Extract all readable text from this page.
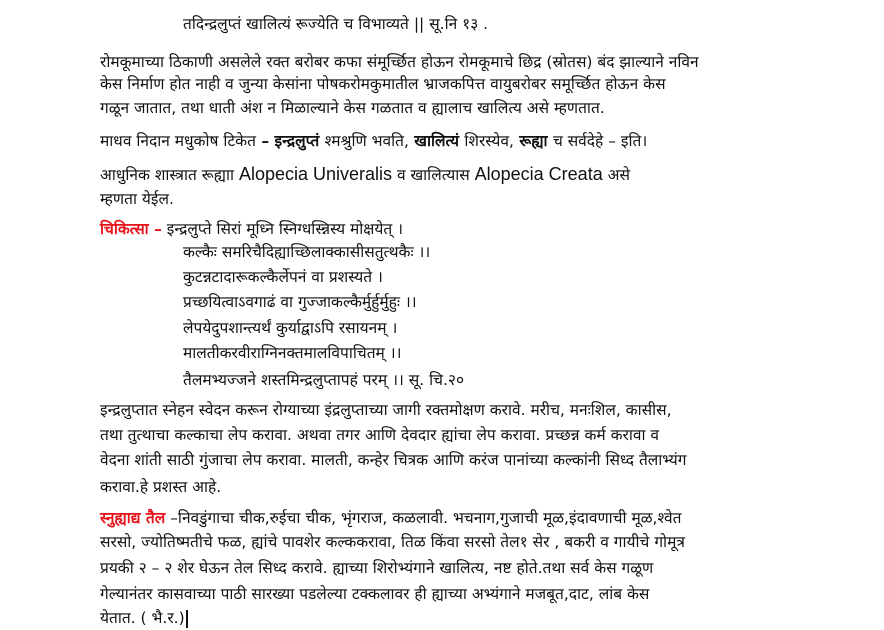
तदिन्द्रलुप्तं खालित्यं रूज्येति च विभाव्यते || सू.नि १३ .
रोमकूमाच्या ठिकाणी असलेले रक्त बरोबर कफा संमूर्च्छित होऊन रोमकूमाचे छिद्र (स्रोतस) बंद झाल्याने नविन
केस निर्माण होत नाही व जुन्या केसांना पोषकरोमकुमातील भ्राजकपित्त वायुबरोबर समूर्च्छित होऊन केस
गळून जातात, तथा धाती अंश न मिळाल्याने केस गळतात व ह्यालाच खालित्य असे म्हणतात.
माधव निदान मधुकोष टिकेत – इन्द्रलुप्तं श्मश्रुणि भवति, खालित्यं शिरस्येव, रूह्या च सर्वदेहे – इति।
आधुनिक शास्त्रात रूह्याा Alopecia Univeralis व खालित्यास Alopecia Creata असे
म्हणता येईल.
चिकित्सा – इन्द्रलुप्ते सिरां मूध्नि स्निग्धस्न्निस्य मोक्षयेत् ।
कल्कैः समरिचैदिह्याच्छिलाक्कासीसतुत्थकैः ।।
कुटन्नटादारूकल्कैर्लेपनं वा प्रशस्यते ।
प्रच्छयित्वाऽवगाढं वा गुज्जाकल्कैर्मुर्हुर्मुहुः ।।
लेपयेदुपशान्त्यर्थं कुर्याद्वाऽपि रसायनम् ।
मालतीकरवीराग्निनक्तमालविपाचितम् ।।
तैलमभ्यज्जने शस्तमिन्द्रलुप्तापहं परम् ।। सू. चि.२०
इन्द्रलुप्तात स्नेहन स्वेदन करून रोग्याच्या इंद्रलुप्ताच्या जागी रक्तमोक्षण करावे. मरीच, मनःशिल, कासीस,
तथा तुत्थाचा कल्काचा लेप करावा. अथवा तगर आणि देवदार ह्यांचा लेप करावा. प्रच्छन्न कर्म करावा व
वेदना शांती साठी गुंजाचा लेप करावा. मालती, कन्हेर चित्रक आणि करंज पानांच्या कल्कांनी सिध्द तैलाभ्यंग
करावा.हे प्रशस्त आहे.
स्नुह्याद्य तैल –निवडुंगाचा चीक,रुईचा चीक, भृंगराज, कळलावी. भचनाग,गुजाची मूळ,इंदावणाची मूळ,श्वेत
सरसो, ज्योतिष्मतीचे फळ, ह्यांचे पावशेर कल्ककरावा, तिळ किंवा सरसो तेल१ सेर , बकरी व गायीचे गोमूत्र
प्रयकी २ – २ शेर घेऊन तेल सिध्द करावे. ह्याच्या शिरोभ्यंगाने खालित्य, नष्ट होते.तथा सर्व केस गळूण
गेल्यानंतर कासवाच्या पाठी सारख्या पडलेल्या टक्कलावर ही ह्याच्या अभ्यंगाने मजबूत,दाट, लांब केस
येतात. ( भै.र.)
